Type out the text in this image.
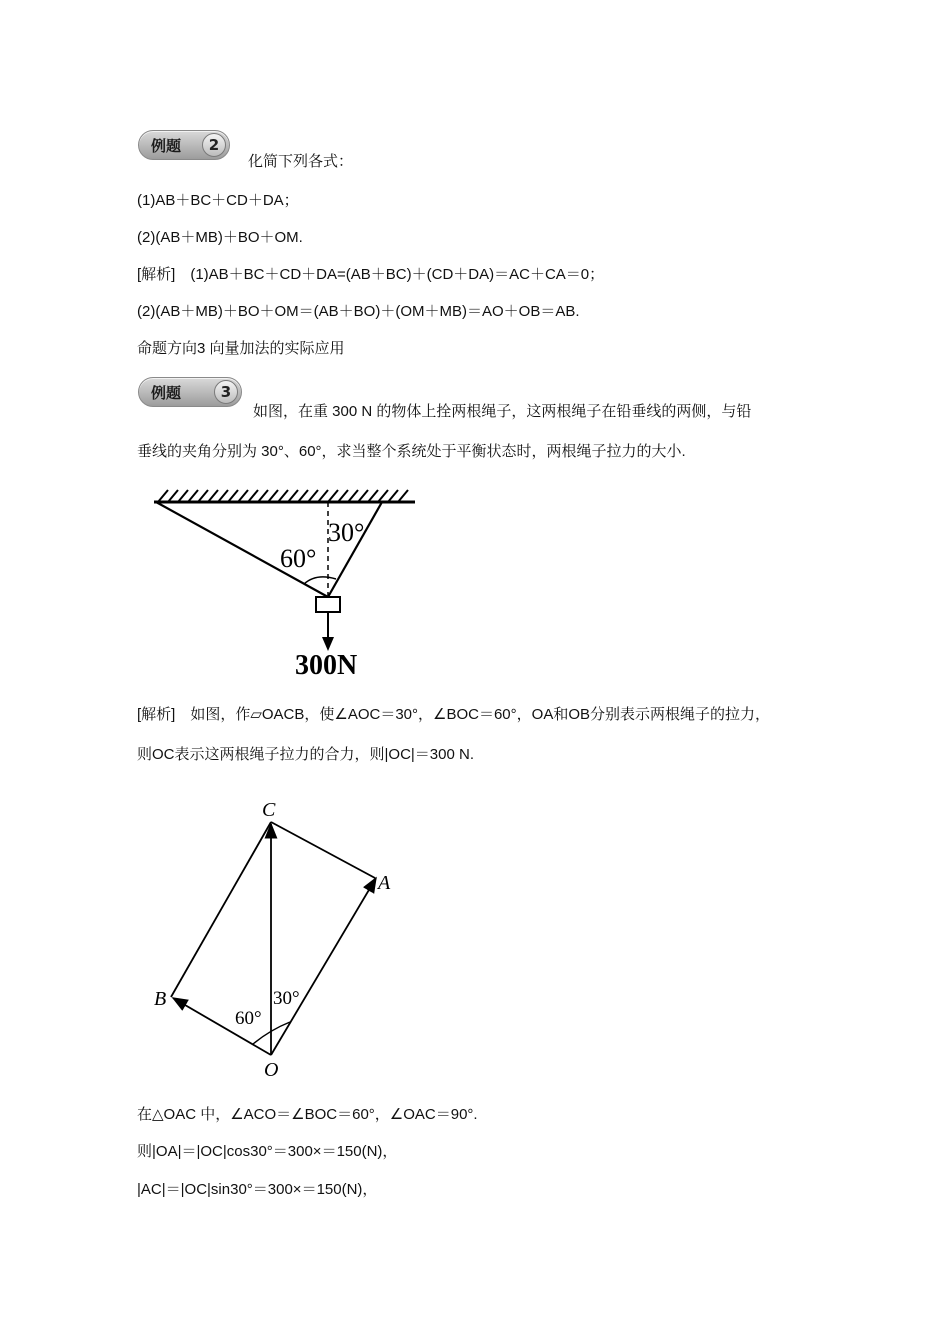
例题	2
化简下列各式：
(1)AB＋BC＋CD＋DA；
(2)(AB＋MB)＋BO＋OM.
[解析]　(1)AB＋BC＋CD＋DA=(AB＋BC)＋(CD＋DA)＝AC＋CA＝0；
(2)(AB＋MB)＋BO＋OM＝(AB＋BO)＋(OM＋MB)＝AO＋OB＝AB.
命题方向3 向量加法的实际应用
例题	3
如图，在重 300 N 的物体上拴两根绳子，这两根绳子在铅垂线的两侧，与铅
垂线的夹角分别为 30°、60°，求当整个系统处于平衡状态时，两根绳子拉力的大小.
30°
60°
300N
[解析]　如图，作▱OACB，使∠AOC＝30°，∠BOC＝60°，OA和OB分别表示两根绳子的拉力，
则OC表示这两根绳子拉力的合力，则|OC|＝300 N.
C
A
B
O
30°
60°
在△OAC 中，∠ACO＝∠BOC＝60°，∠OAC＝90°.
则|OA|＝|OC|cos30°＝300×＝150(N)，
|AC|＝|OC|sin30°＝300×＝150(N)，
